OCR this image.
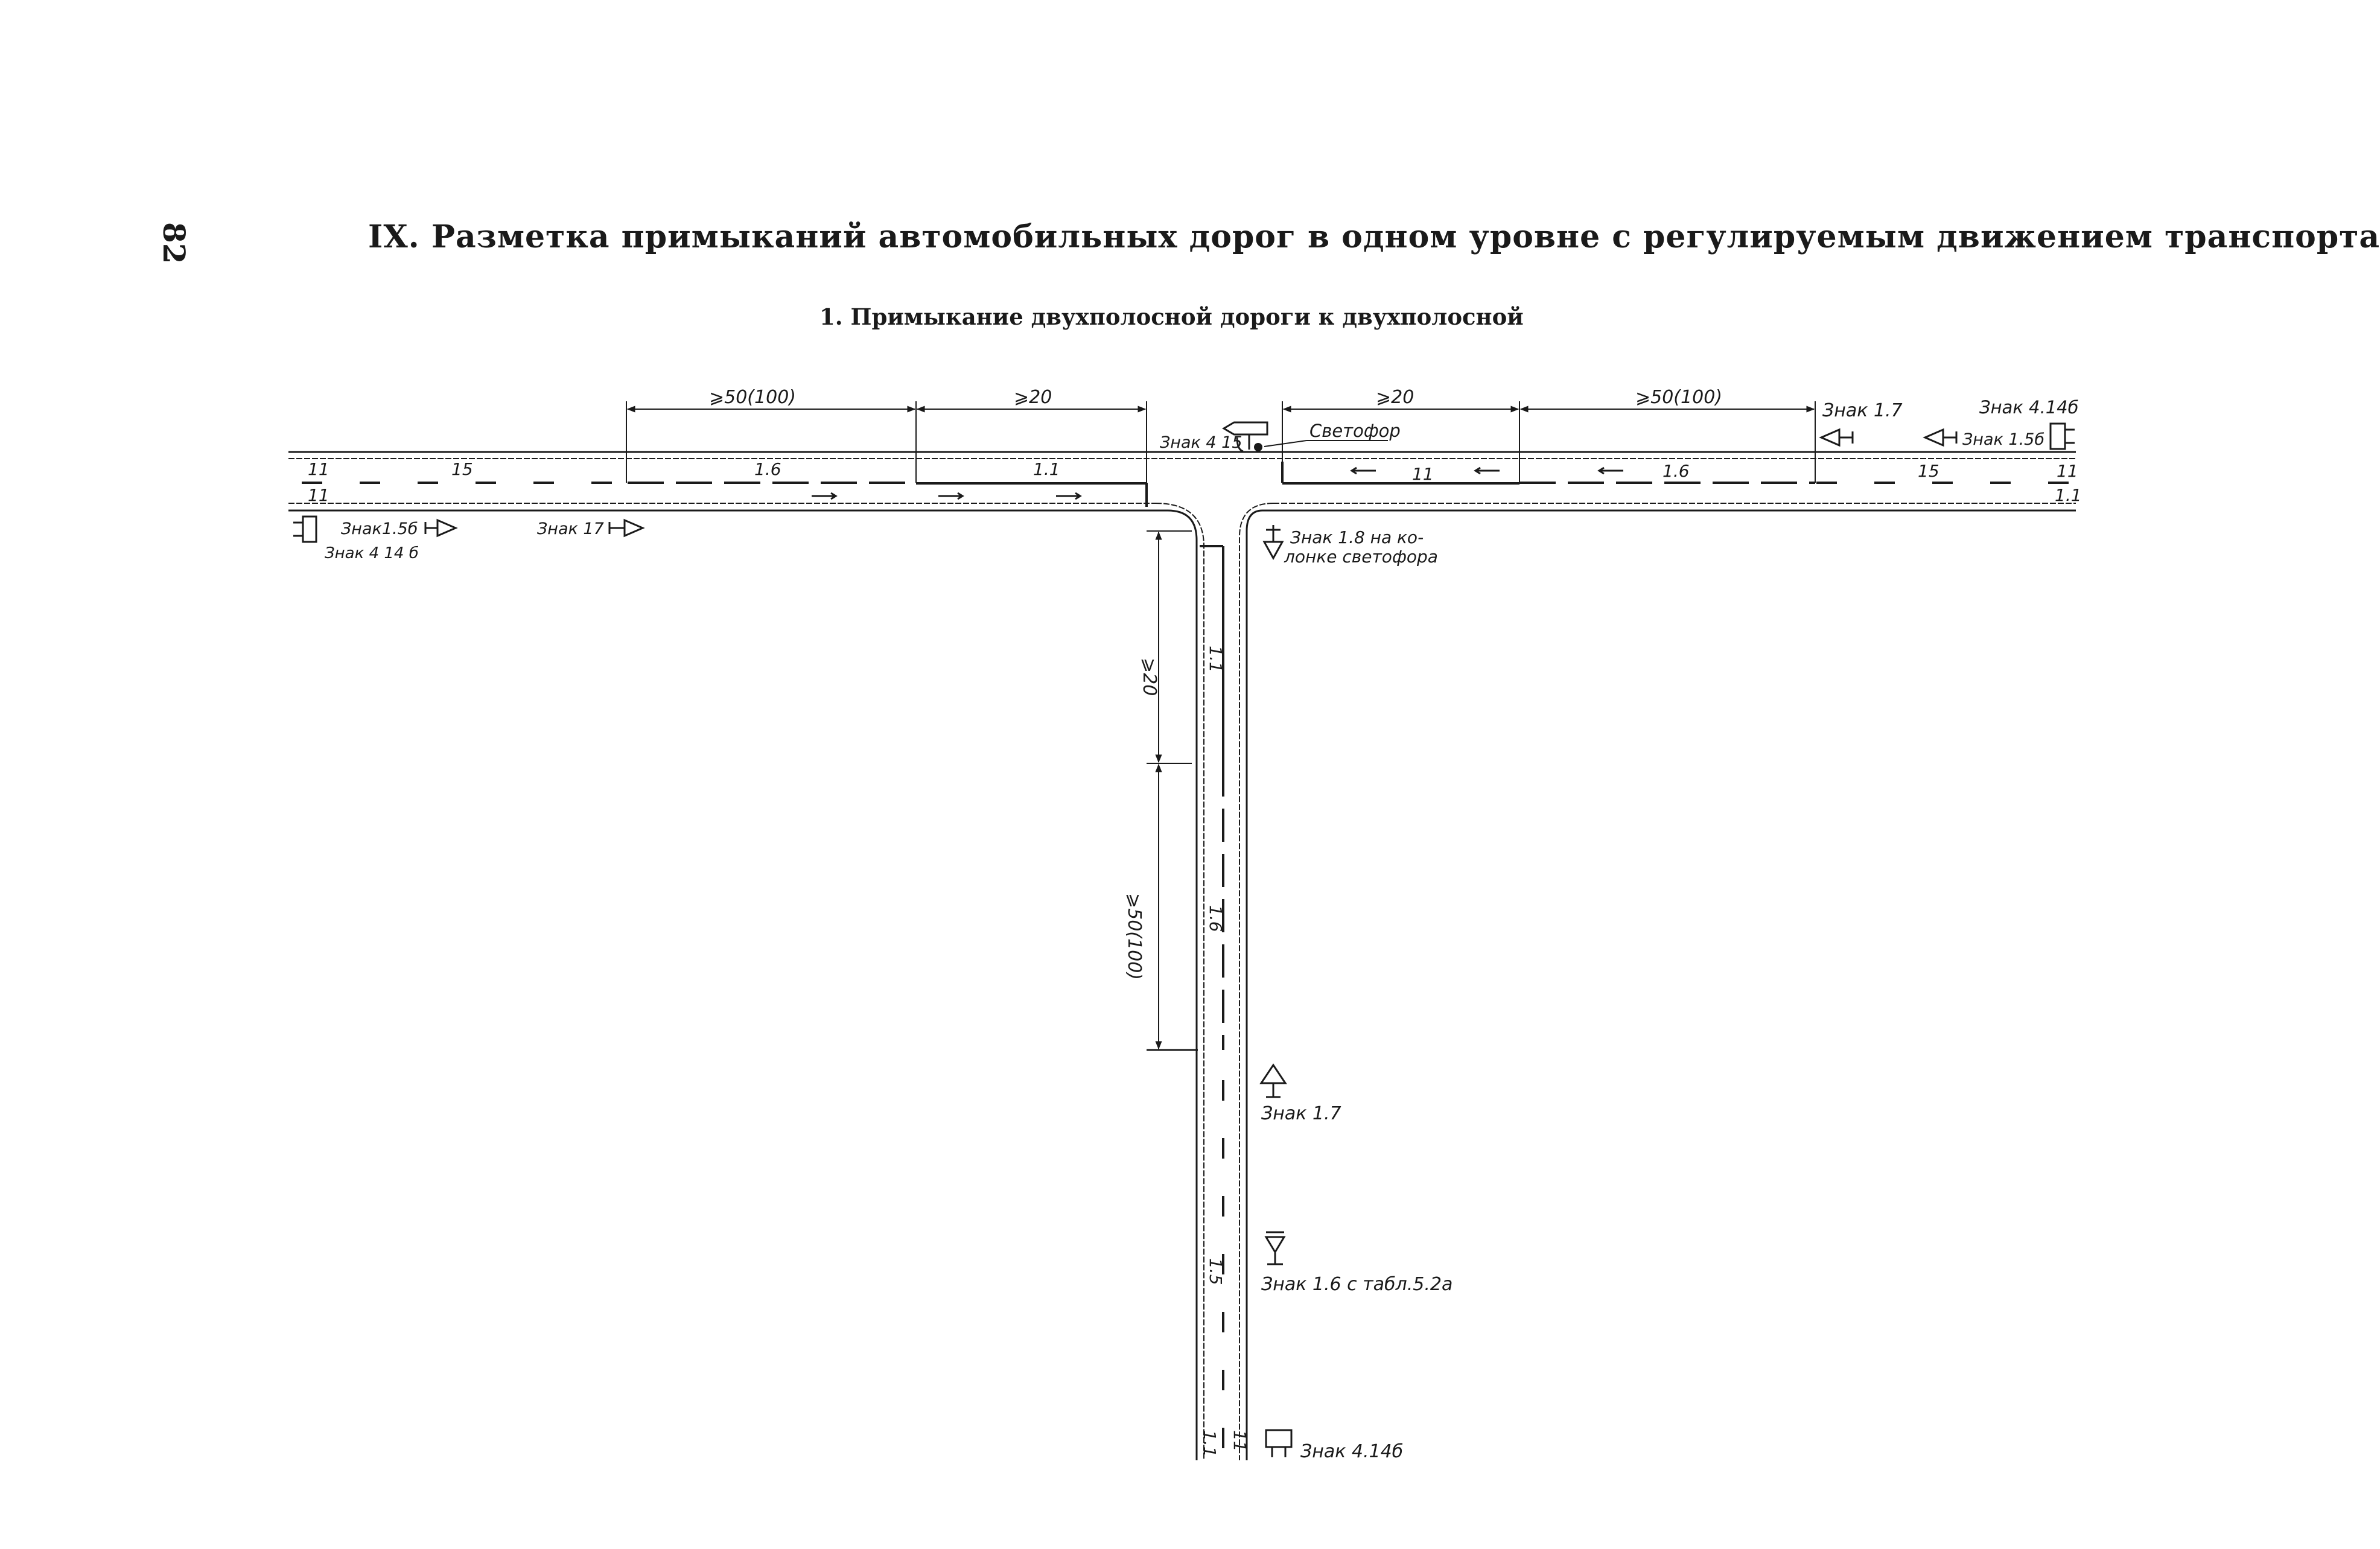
82	IX. Разметка примыканий автомобильных дорог в одном уровне с регулируемым движением транспорта
1. Примыкание двухполосной дороги к двухполосной
⩾50(100)	⩾20	⩾20	⩾50(100)
⩾20
⩾50(100)
11	15	1.6	1.1	11	1.6	15	11
11	1.1
1.1
1.6
1.5
1.1 11
Знак 4 15
Светофор
Знак 1.7
Знак 1.5б
Знак 4.14б
Знак1.5б
Знак 4 14 б
Знак 17	Знак 1.8 на ко-
лонке светофора
Знак 1.7
Знак 1.6 с табл.5.2а
Знак 4.14б
